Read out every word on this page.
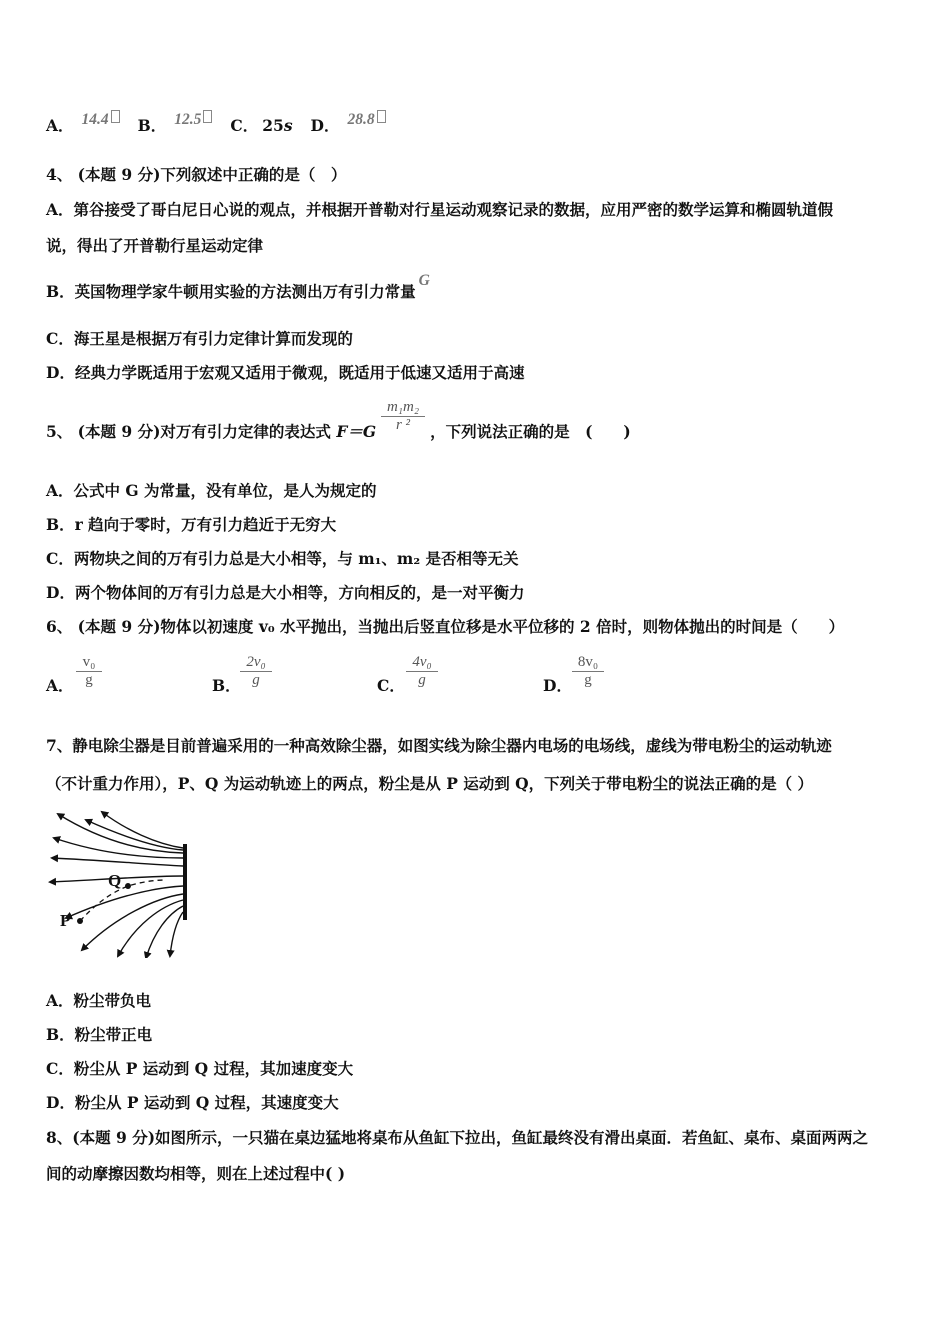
A． 14.4 B． 12.5 C． 25s D． 28.8
4、 (本题 9 分)下列叙述中正确的是（　）
A．第谷接受了哥白尼日心说的观点，并根据开普勒对行星运动观察记录的数据，应用严密的数学运算和椭圆轨道假
说，得出了开普勒行星运动定律
B．英国物理学家牛顿用实验的方法测出万有引力常量G
C．海王星是根据万有引力定律计算而发现的
D．经典力学既适用于宏观又适用于微观，既适用于低速又适用于高速
5、 (本题 9 分)对万有引力定律的表达式 F＝G	，下列说法正确的是　(　　)
m₁m₂
r ²
A．公式中 G 为常量，没有单位，是人为规定的
B．r 趋向于零时，万有引力趋近于无穷大
C．两物块之间的万有引力总是大小相等，与 m₁、m₂ 是否相等无关
D．两个物体间的万有引力总是大小相等，方向相反的，是一对平衡力
6、 (本题 9 分)物体以初速度 v₀ 水平抛出，当抛出后竖直位移是水平位移的 2 倍时，则物体抛出的时间是（　　）
A．
v₀
g	B．
2v₀
g	C．
4v₀
g	D．
8v₀
g
7、静电除尘器是目前普遍采用的一种高效除尘器，如图实线为除尘器内电场的电场线，虚线为带电粉尘的运动轨迹
（不计重力作用），P、Q 为运动轨迹上的两点，粉尘是从 P 运动到 Q，下列关于带电粉尘的说法正确的是（ ）
P
Q
A．粉尘带负电
B．粉尘带正电
C．粉尘从 P 运动到 Q 过程，其加速度变大
D．粉尘从 P 运动到 Q 过程，其速度变大
8、(本题 9 分)如图所示，一只猫在桌边猛地将桌布从鱼缸下拉出，鱼缸最终没有滑出桌面．若鱼缸、桌布、桌面两两之
间的动摩擦因数均相等，则在上述过程中( )
